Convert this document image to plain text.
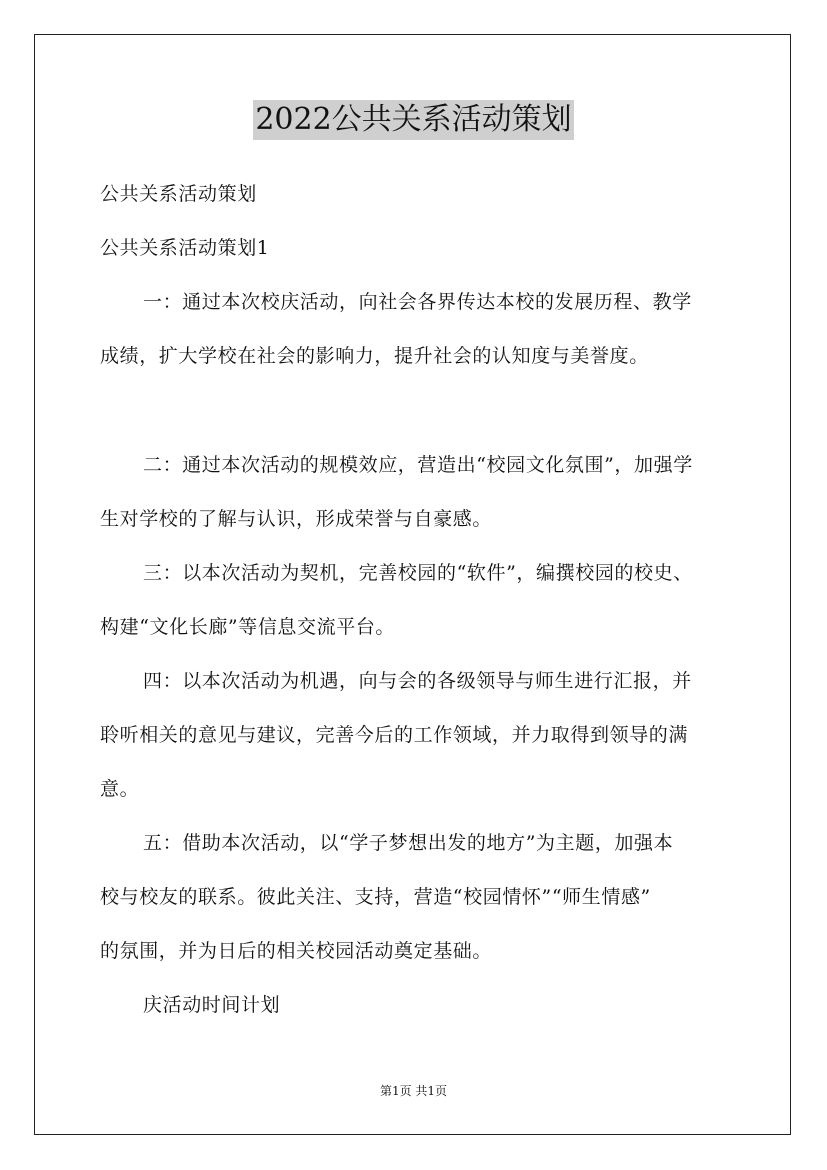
2022公共关系活动策划
公共关系活动策划
公共关系活动策划1
一：通过本次校庆活动，向社会各界传达本校的发展历程、教学
成绩，扩大学校在社会的影响力，提升社会的认知度与美誉度。
二：通过本次活动的规模效应，营造出“校园文化氛围”，加强学
生对学校的了解与认识，形成荣誉与自豪感。
三：以本次活动为契机，完善校园的“软件”，编撰校园的校史、
构建“文化长廊”等信息交流平台。
四：以本次活动为机遇，向与会的各级领导与师生进行汇报，并
聆听相关的意见与建议，完善今后的工作领域，并力取得到领导的满
意。
五：借助本次活动，以“学子梦想出发的地方”为主题，加强本
校与校友的联系。彼此关注、支持，营造“校园情怀”“师生情感”
的氛围，并为日后的相关校园活动奠定基础。
庆活动时间计划
第1页 共1页
